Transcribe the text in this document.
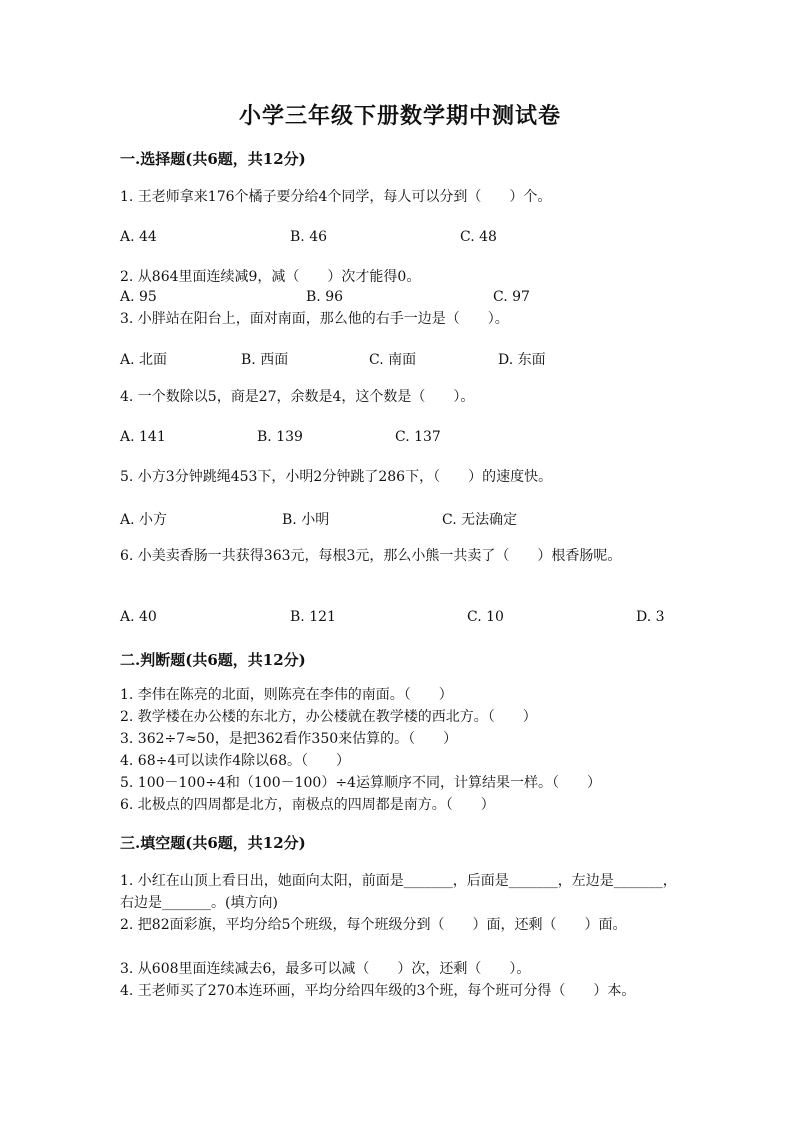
小学三年级下册数学期中测试卷
一.选择题(共6题，共12分)
1. 王老师拿来176个橘子要分给4个同学，每人可以分到（　　）个。
A. 44	B. 46	C. 48
2. 从864里面连续减9，减（　　）次才能得0。
A. 95	B. 96	C. 97
3. 小胖站在阳台上，面对南面，那么他的右手一边是（　　）。
A. 北面	B. 西面	C. 南面	D. 东面
4. 一个数除以5，商是27，余数是4，这个数是（　　）。
A. 141	B. 139	C. 137
5. 小方3分钟跳绳453下，小明2分钟跳了286下，（　　）的速度快。
A. 小方	B. 小明	C. 无法确定
6. 小美卖香肠一共获得363元，每根3元，那么小熊一共卖了（　　）根香肠呢。
A. 40	B. 121	C. 10	D. 3
二.判断题(共6题，共12分)
1. 李伟在陈亮的北面，则陈亮在李伟的南面。（　　）
2. 教学楼在办公楼的东北方，办公楼就在教学楼的西北方。（　　）
3. 362÷7≈50，是把362看作350来估算的。（　　）
4. 68÷4可以读作4除以68。（　　）
5. 100－100÷4和（100－100）÷4运算顺序不同，计算结果一样。（　　）
6. 北极点的四周都是北方，南极点的四周都是南方。（　　）
三.填空题(共6题，共12分)
1. 小红在山顶上看日出，她面向太阳，前面是_______，后面是_______，左边是_______，右边是_______。(填方向)
2. 把82面彩旗，平均分给5个班级，每个班级分到（　　）面，还剩（　　）面。
3. 从608里面连续减去6，最多可以减（　　）次，还剩（　　）。
4. 王老师买了270本连环画，平均分给四年级的3个班，每个班可分得（　　）本。
